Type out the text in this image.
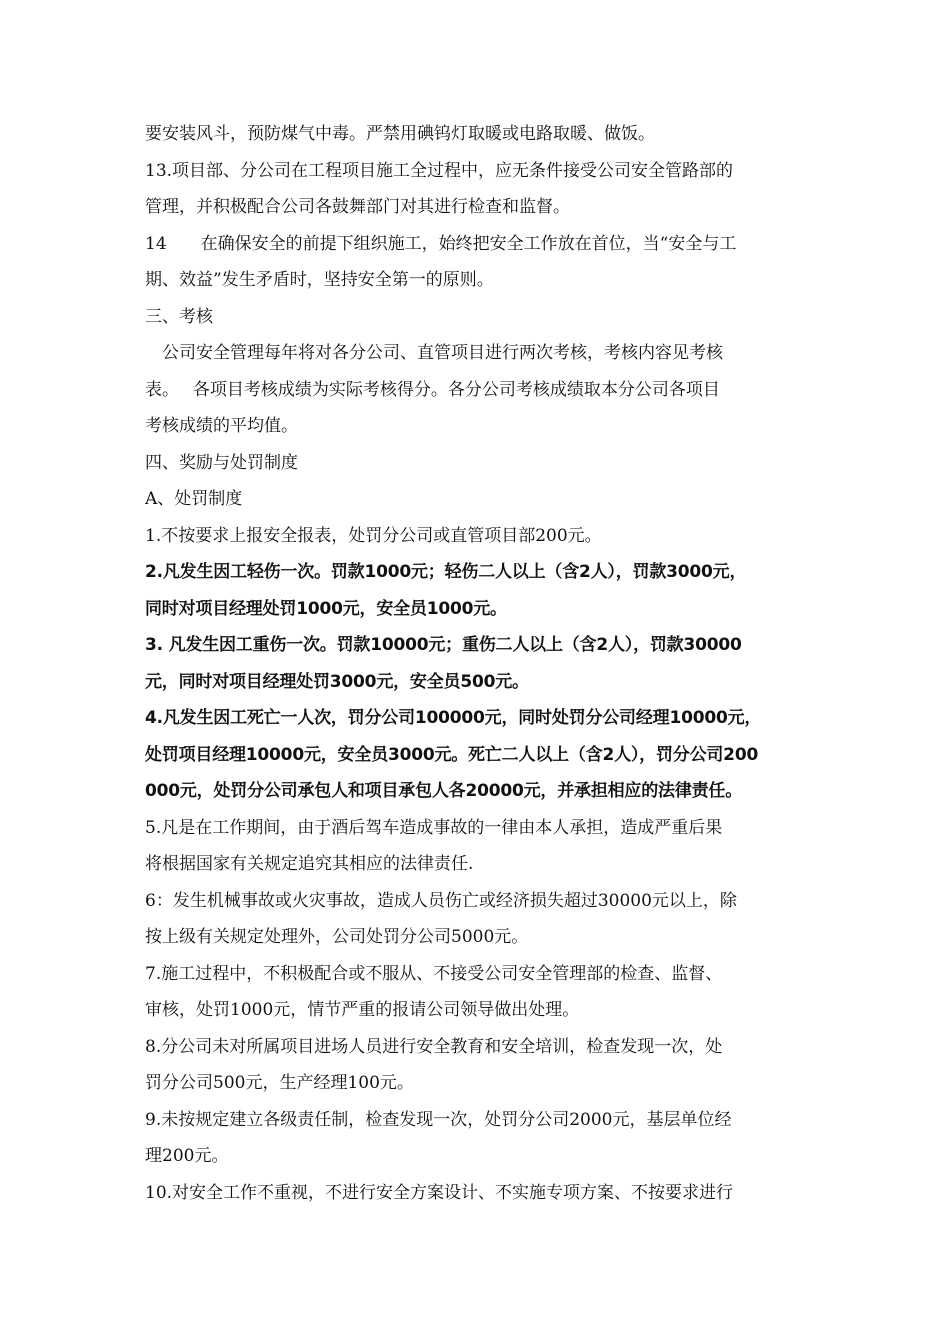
要安装风斗，预防煤气中毒。严禁用碘钨灯取暖或电路取暖、做饭。
13.项目部、分公司在工程项目施工全过程中，应无条件接受公司安全管路部的
管理，并积极配合公司各鼓舞部门对其进行检查和监督。
14　　在确保安全的前提下组织施工，始终把安全工作放在首位，当“安全与工
期、效益”发生矛盾时，坚持安全第一的原则。
三、考核
　公司安全管理每年将对各分公司、直管项目进行两次考核，考核内容见考核
表。　 各项目考核成绩为实际考核得分。各分公司考核成绩取本分公司各项目
考核成绩的平均值。
四、奖励与处罚制度
A、处罚制度
1.不按要求上报安全报表，处罚分公司或直管项目部200元。
2.凡发生因工轻伤一次。罚款1000元；轻伤二人以上（含2人），罚款3000元，
同时对项目经理处罚1000元，安全员1000元。
3. 凡发生因工重伤一次。罚款10000元；重伤二人以上（含2人），罚款30000
元，同时对项目经理处罚3000元，安全员500元。
4.凡发生因工死亡一人次，罚分公司100000元，同时处罚分公司经理10000元，
处罚项目经理10000元，安全员3000元。死亡二人以上（含2人），罚分公司200
000元，处罚分公司承包人和项目承包人各20000元，并承担相应的法律责任。
5.凡是在工作期间，由于酒后驾车造成事故的一律由本人承担，造成严重后果
将根据国家有关规定追究其相应的法律责任.
6：发生机械事故或火灾事故，造成人员伤亡或经济损失超过30000元以上，除
按上级有关规定处理外，公司处罚分公司5000元。
7.施工过程中，不积极配合或不服从、不接受公司安全管理部的检查、监督、
审核，处罚1000元，情节严重的报请公司领导做出处理。
8.分公司未对所属项目进场人员进行安全教育和安全培训，检查发现一次，处
罚分公司500元，生产经理100元。
9.未按规定建立各级责任制，检查发现一次，处罚分公司2000元，基层单位经
理200元。
10.对安全工作不重视，不进行安全方案设计、不实施专项方案、不按要求进行
